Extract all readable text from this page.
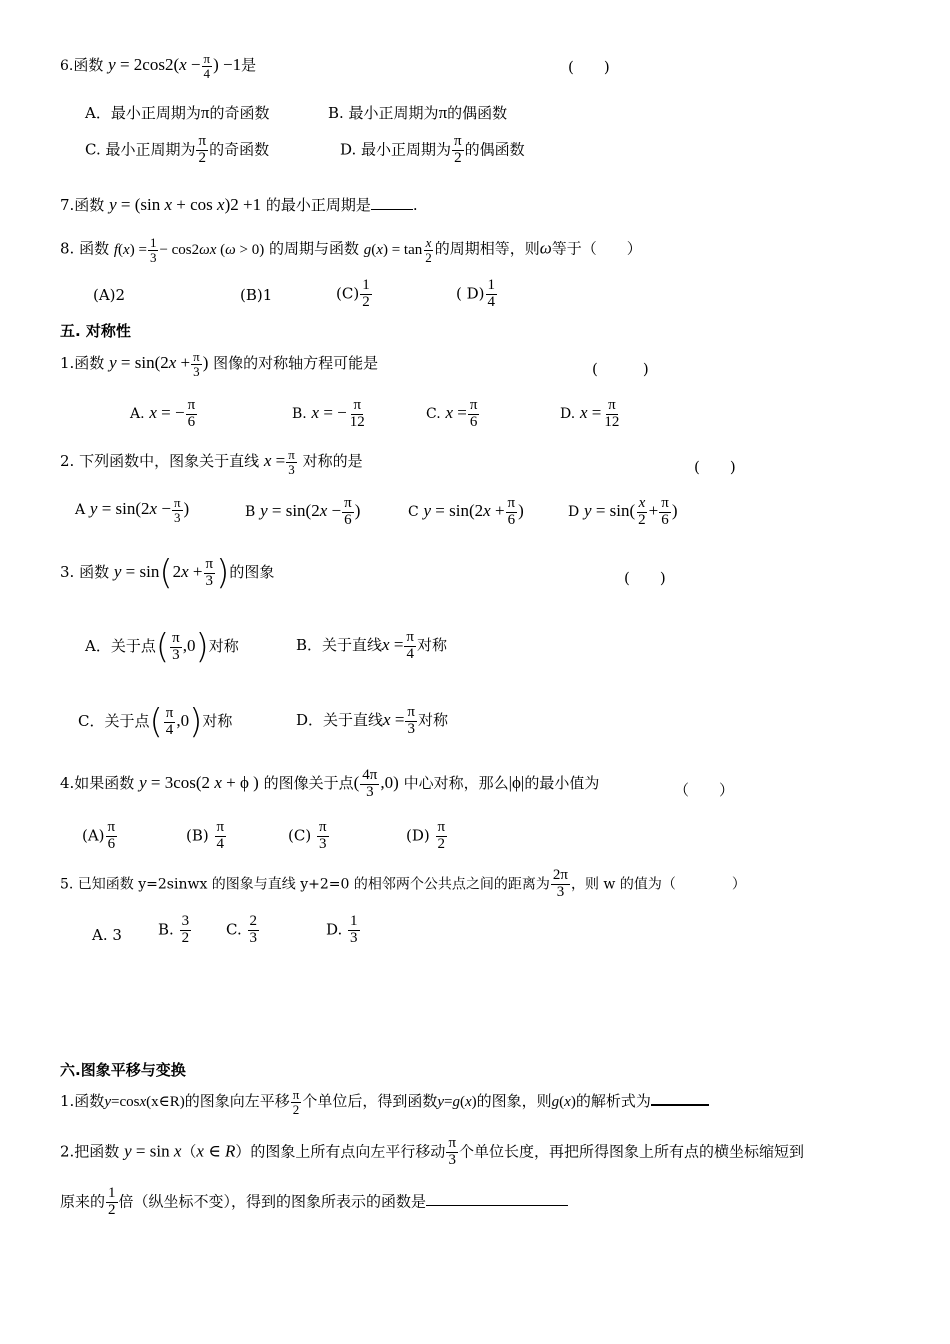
6.函数 $y = 2\cos 2(x - \frac{\pi}{4}$ ) −1是	(　　)
A．最小正周期为π的奇函数	B. 最小正周期为π的偶函数
C. 最小正周期为 $\frac{\pi}{2}$ 的奇函数	D. 最小正周期为 $\frac{\pi}{2}$ 的偶函数
7.函数 y = (sin x + cos x)2 +1 的最小正周期是	.
8. 函数 $f(x) = \frac{1}{3} - \cos 2\omega x$ (ω > 0) 的周期与函数 $g(x) = \tan \frac{x}{2}$ 的周期相等，则ω等于（　　）
(A)2	(B)1	$(C) \frac{1}{2}$	( $D) \frac{1}{4}$
五. 对称性
1.函数 $y = \sin(2x + \frac{\pi}{3}$ ) 图像的对称轴方程可能是	(　　　)
A. x = − $\frac{\pi}{6}$	B. x = − $\frac{\pi}{12}$	C. $x = \frac{\pi}{6}$	D. $x = \frac{\pi}{12}$
2. 下列函数中，图象关于直线 $x = \frac{\pi}{3}$ 对称的是	(　　)
A $y = \sin(2x - \frac{\pi}{3}$ )	B $y = \sin(2x - \frac{\pi}{6}$ )	C $y = \sin(2x + \frac{\pi}{6}$ )	D $y = \sin( \frac{x}{2} + \frac{\pi}{6}$ )
3. 函数 $y = \sin(2x + \frac{\pi}{3}$ )的图象	(　　)
A．关于点( $\frac{\pi}{3} ,0$)对称	B．关于直线$x = \frac{\pi}{4}$ 对称
C．关于点( $\frac{\pi}{4} ,0$)对称	D．关于直线$x = \frac{\pi}{3}$ 对称
4.如果函数 y = 3cos(2 x + ϕ ) 的图像关于点( $\frac{4\pi}{3} ,0$) 中心对称，那么|ϕ|的最小值为	（　　）
$(A) \frac{\pi}{6}$	$(B) \frac{\pi}{4}$	$(C) \frac{\pi}{3}$	$(D) \frac{\pi}{2}$
5. 已知函数 y=2sinwx 的图象与直线 y+2=0 的相邻两个公共点之间的距离为 $\frac{2\pi}{3}$ ，则 w 的值为（　　　　）
A. 3 B. $\frac{3}{2} C$. $\frac{2}{3}$	D. $\frac{1}{3}$
六.图象平移与变换
1.函数y=cosx(x∈R)的图象向左平移 $\frac{\pi}{2}$ 个单位后，得到函数y=g(x)的图象，则g(x)的解析式为
2.把函数 y = sin x（x ∈ R）的图象上所有点向左平行移动 $\frac{\pi}{3}$ 个单位长度，再把所得图象上所有点的横坐标缩短到
原来的 $\frac{1}{2}$ 倍（纵坐标不变），得到的图象所表示的函数是
